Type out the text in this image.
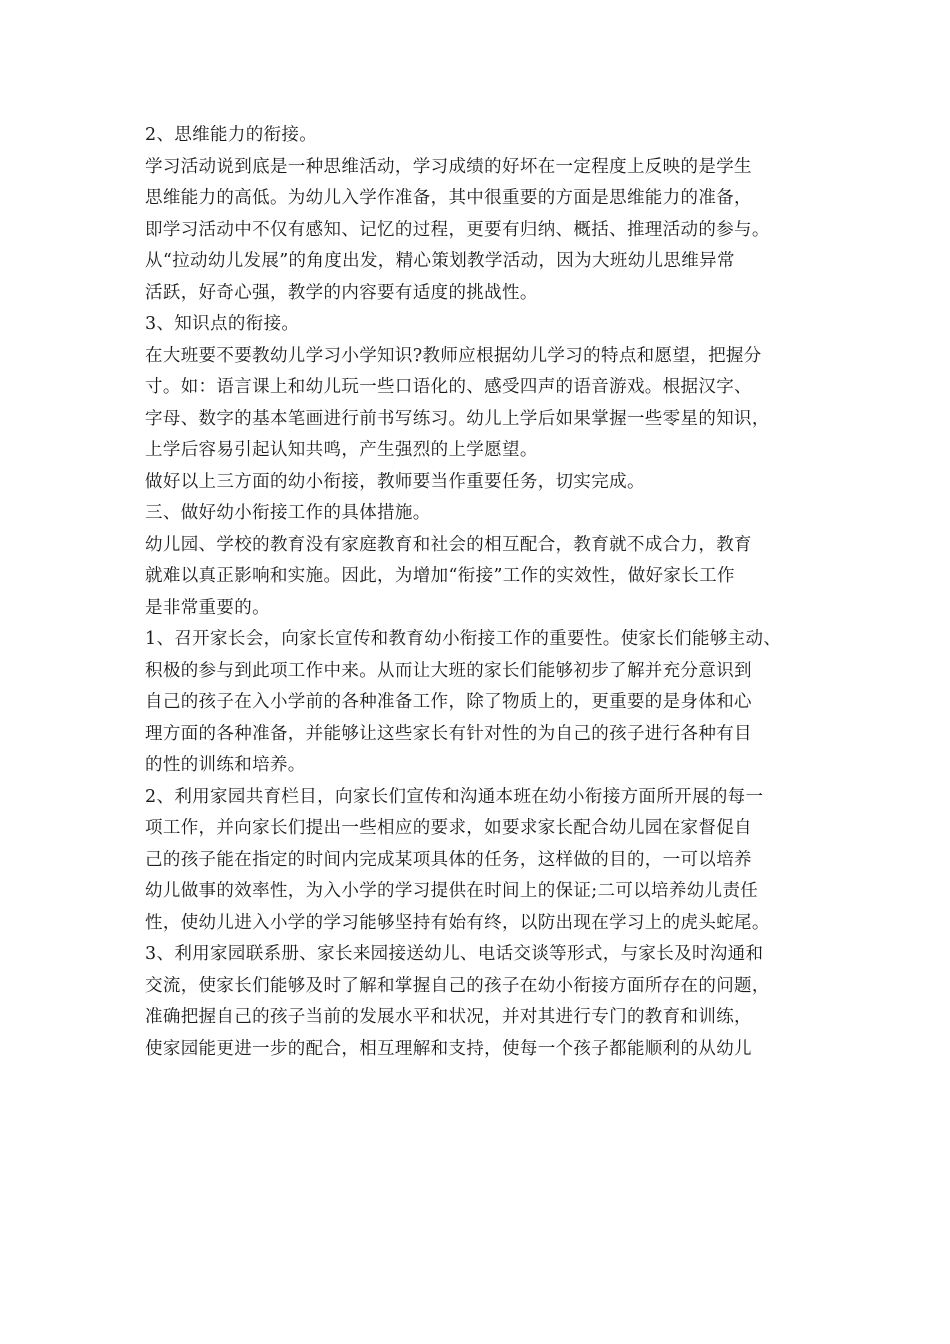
2、思维能力的衔接。
学习活动说到底是一种思维活动，学习成绩的好坏在一定程度上反映的是学生
思维能力的高低。为幼儿入学作准备，其中很重要的方面是思维能力的准备，
即学习活动中不仅有感知、记忆的过程，更要有归纳、概括、推理活动的参与。
从“拉动幼儿发展”的角度出发，精心策划教学活动，因为大班幼儿思维异常
活跃，好奇心强，教学的内容要有适度的挑战性。
3、知识点的衔接。
在大班要不要教幼儿学习小学知识?教师应根据幼儿学习的特点和愿望，把握分
寸。如：语言课上和幼儿玩一些口语化的、感受四声的语音游戏。根据汉字、
字母、数字的基本笔画进行前书写练习。幼儿上学后如果掌握一些零星的知识，
上学后容易引起认知共鸣，产生强烈的上学愿望。
做好以上三方面的幼小衔接，教师要当作重要任务，切实完成。
三、做好幼小衔接工作的具体措施。
幼儿园、学校的教育没有家庭教育和社会的相互配合，教育就不成合力，教育
就难以真正影响和实施。因此，为增加“衔接”工作的实效性，做好家长工作
是非常重要的。
1、召开家长会，向家长宣传和教育幼小衔接工作的重要性。使家长们能够主动、
积极的参与到此项工作中来。从而让大班的家长们能够初步了解并充分意识到
自己的孩子在入小学前的各种准备工作，除了物质上的，更重要的是身体和心
理方面的各种准备，并能够让这些家长有针对性的为自己的孩子进行各种有目
的性的训练和培养。
2、利用家园共育栏目，向家长们宣传和沟通本班在幼小衔接方面所开展的每一
项工作，并向家长们提出一些相应的要求，如要求家长配合幼儿园在家督促自
己的孩子能在指定的时间内完成某项具体的任务，这样做的目的，一可以培养
幼儿做事的效率性，为入小学的学习提供在时间上的保证;二可以培养幼儿责任
性，使幼儿进入小学的学习能够坚持有始有终，以防出现在学习上的虎头蛇尾。
3、利用家园联系册、家长来园接送幼儿、电话交谈等形式，与家长及时沟通和
交流，使家长们能够及时了解和掌握自己的孩子在幼小衔接方面所存在的问题，
准确把握自己的孩子当前的发展水平和状况，并对其进行专门的教育和训练，
使家园能更进一步的配合，相互理解和支持，使每一个孩子都能顺利的从幼儿
